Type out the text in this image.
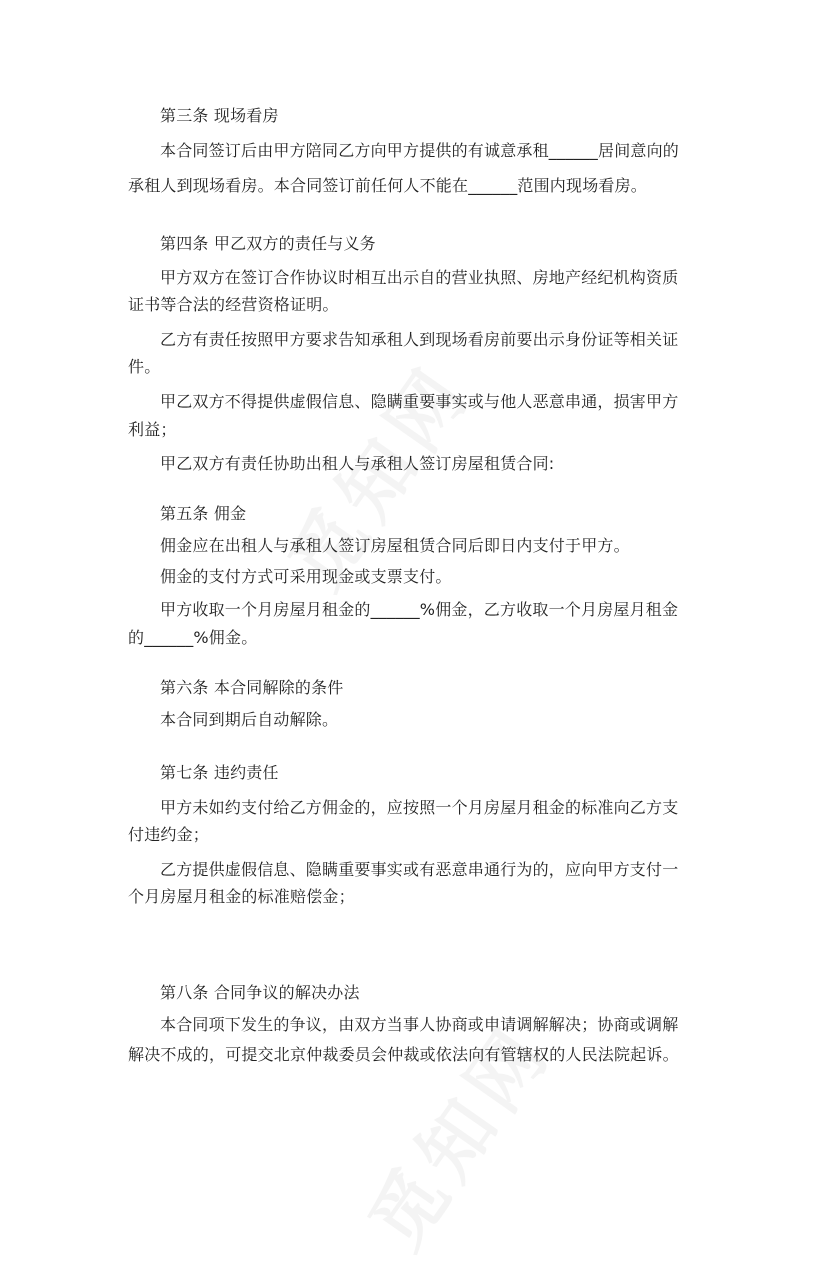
第三条 现场看房
本合同签订后由甲方陪同乙方向甲方提供的有诚意承租______居间意向的
承租人到现场看房。本合同签订前任何人不能在______范围内现场看房。
第四条 甲乙双方的责任与义务
甲方双方在签订合作协议时相互出示自的营业执照、房地产经纪机构资质
证书等合法的经营资格证明。
乙方有责任按照甲方要求告知承租人到现场看房前要出示身份证等相关证
件。
甲乙双方不得提供虚假信息、隐瞒重要事实或与他人恶意串通，损害甲方
利益；
甲乙双方有责任协助出租人与承租人签订房屋租赁合同:
第五条 佣金
佣金应在出租人与承租人签订房屋租赁合同后即日内支付于甲方。
佣金的支付方式可采用现金或支票支付。
甲方收取一个月房屋月租金的______%佣金，乙方收取一个月房屋月租金
的______%佣金。
第六条 本合同解除的条件
本合同到期后自动解除。
第七条 违约责任
甲方未如约支付给乙方佣金的，应按照一个月房屋月租金的标准向乙方支
付违约金；
乙方提供虚假信息、隐瞒重要事实或有恶意串通行为的，应向甲方支付一
个月房屋月租金的标准赔偿金；
第八条 合同争议的解决办法
本合同项下发生的争议，由双方当事人协商或申请调解解决；协商或调解
解决不成的，可提交北京仲裁委员会仲裁或依法向有管辖权的人民法院起诉。
